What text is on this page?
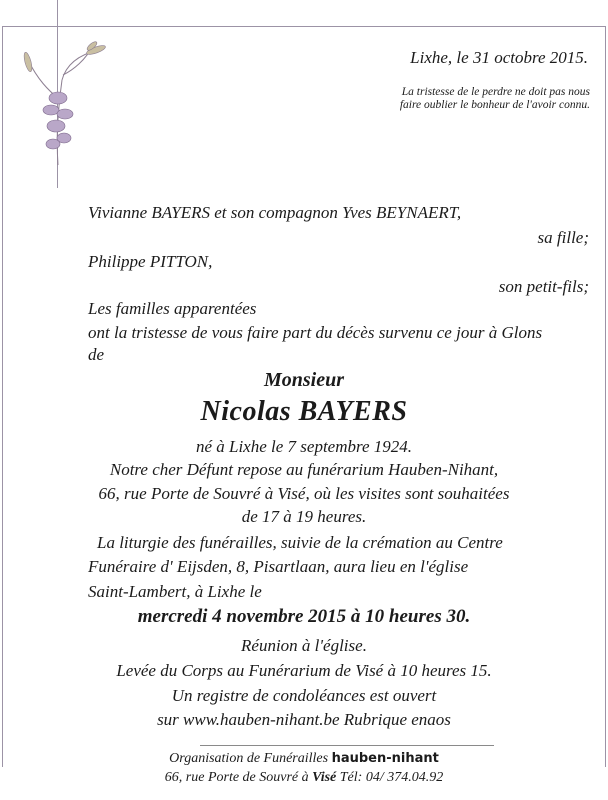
Lixhe, le 31 octobre 2015.
La tristesse de le perdre ne doit pas nous
faire oublier le bonheur de l'avoir connu.
Vivianne BAYERS et son compagnon Yves BEYNAERT,
sa fille;
Philippe PITTON,
son petit-fils;
Les familles apparentées
ont la tristesse de vous faire part du décès survenu ce jour à Glons
de
Monsieur
Nicolas BAYERS
né à Lixhe le 7 septembre 1924.
Notre cher Défunt repose au funérarium Hauben-Nihant,
66, rue Porte de Souvré à Visé, où les visites sont souhaitées
de 17 à 19 heures.
La liturgie des funérailles, suivie de la crémation au Centre
Funéraire d' Eijsden, 8, Pisartlaan, aura lieu en l'église
Saint-Lambert, à Lixhe le
mercredi 4 novembre 2015 à 10 heures 30.
Réunion à l'église.
Levée du Corps au Funérarium de Visé à 10 heures 15.
Un registre de condoléances est ouvert
sur www.hauben-nihant.be Rubrique enaos
Organisation de Funérailles hauben-nihant
66, rue Porte de Souvré à Visé Tél: 04/ 374.04.92
